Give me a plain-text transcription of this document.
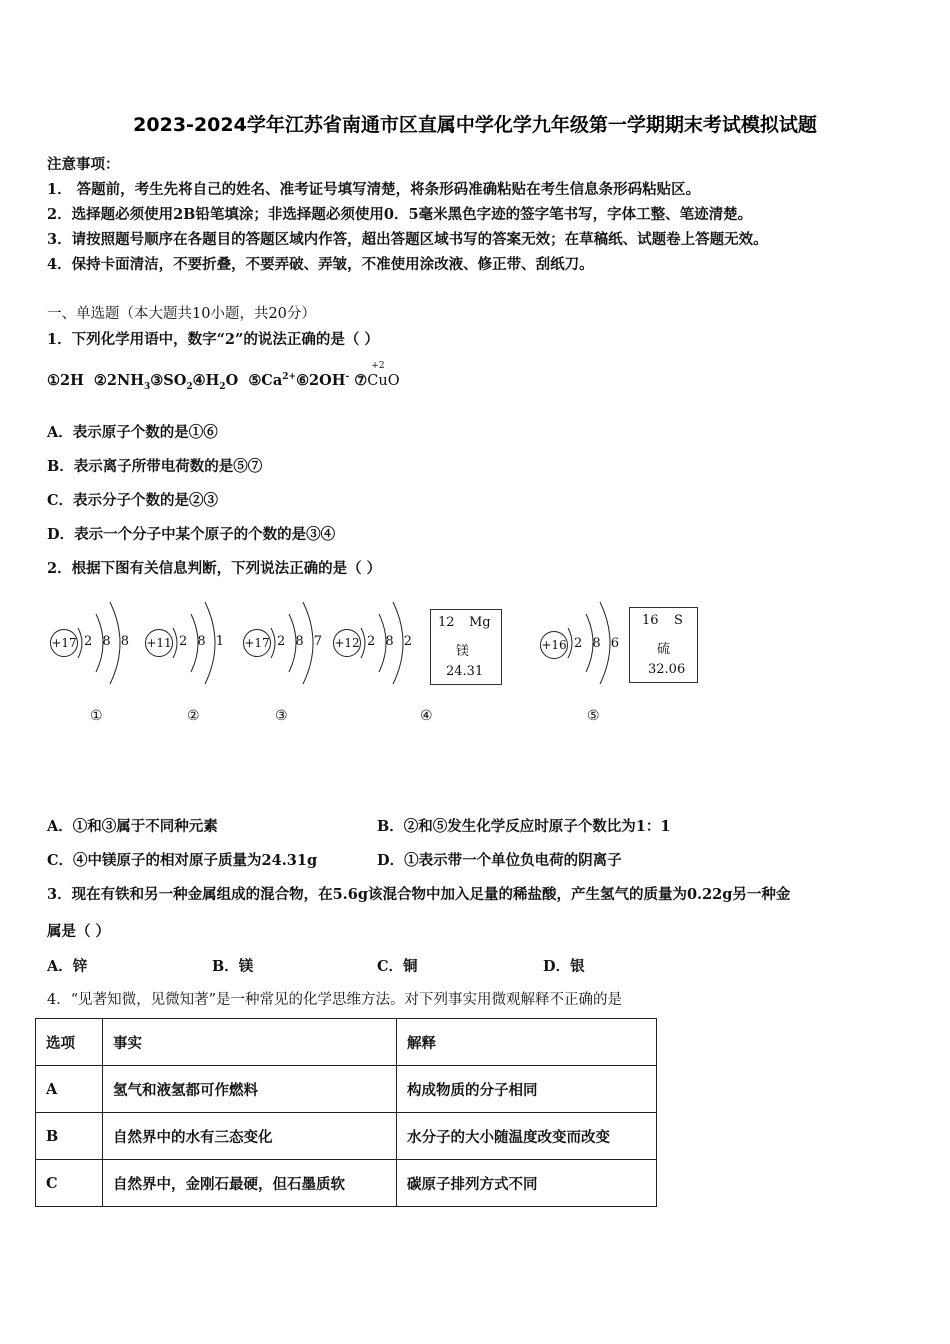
2023-2024学年江苏省南通市区直属中学化学九年级第一学期期末考试模拟试题
注意事项：
1． 答题前，考生先将自己的姓名、准考证号填写清楚，将条形码准确粘贴在考生信息条形码粘贴区。
2．选择题必须使用2B铅笔填涂；非选择题必须使用0．5毫米黑色字迹的签字笔书写，字体工整、笔迹清楚。
3．请按照题号顺序在各题目的答题区域内作答，超出答题区域书写的答案无效；在草稿纸、试题卷上答题无效。
4．保持卡面清洁，不要折叠，不要弄破、弄皱，不准使用涂改液、修正带、刮纸刀。
一、单选题（本大题共10小题，共20分）
1．下列化学用语中，数字“2”的说法正确的是（ ）
①2H $②2NH_3③SO_2④H_2O$ $⑤Ca^{2+}⑥2OH^-$ ⑦
+2
CuO
A．表示原子个数的是①⑥
B．表示离子所带电荷数的是⑤⑦
C．表示分子个数的是②③
D．表示一个分子中某个原子的个数的是③④
2．根据下图有关信息判断，下列说法正确的是（ ）
+17 2 8 8 +11 2 8 1 +17 2 8 7 +12 2 8 2
12 Mg
镁
24.31
+16 2 8 6
16 S
硫
32.06
①	②	③	④	⑤
A．①和③属于不同种元素	B．②和⑤发生化学反应时原子个数比为1：1
C．④中镁原子的相对原子质量为24.31g	D．①表示带一个单位负电荷的阴离子
3．现在有铁和另一种金属组成的混合物，在5.6g该混合物中加入足量的稀盐酸，产生氢气的质量为0.22g另一种金
属是（ ）
A．锌	B．镁	C．铜	D．银
4．“见著知微，见微知著”是一种常见的化学思维方法。对下列事实用微观解释不正确的是
选项	事实	解释
A	氢气和液氢都可作燃料	构成物质的分子相同
B	自然界中的水有三态变化	水分子的大小随温度改变而改变
C	自然界中，金刚石最硬，但石墨质软	碳原子排列方式不同
